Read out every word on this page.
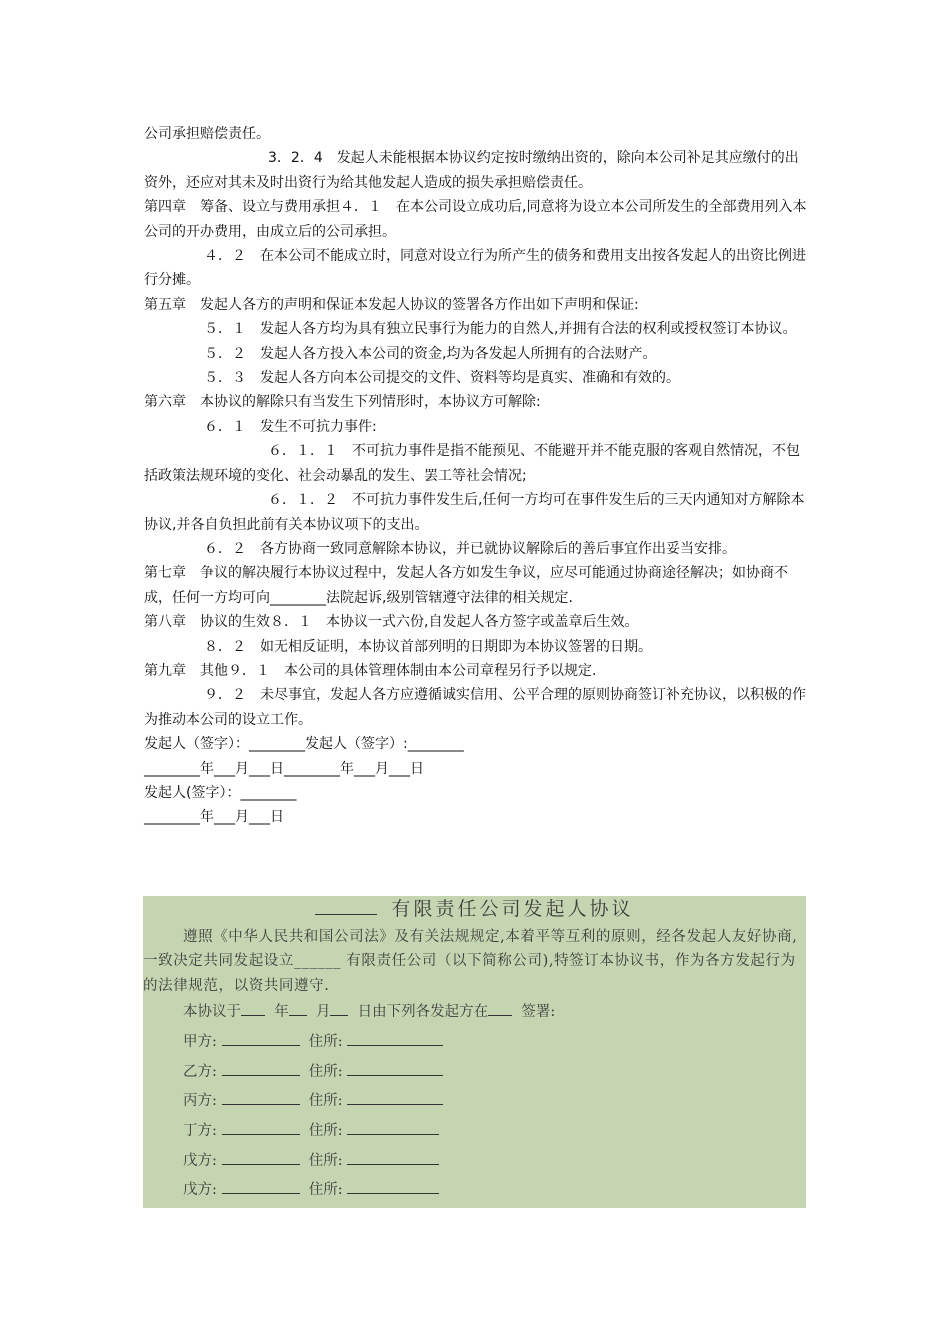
公司承担赔偿责任。

3．2．4　发起人未能根据本协议约定按时缴纳出资的，除向本公司补足其应缴付的出资外，还应对其未及时出资行为给其他发起人造成的损失承担赔偿责任。

第四章　筹备、设立与费用承担４．１　在本公司设立成功后,同意将为设立本公司所发生的全部费用列入本公司的开办费用，由成立后的公司承担。

４．２　在本公司不能成立时，同意对设立行为所产生的债务和费用支出按各发起人的出资比例进行分摊。

第五章　发起人各方的声明和保证本发起人协议的签署各方作出如下声明和保证:

５．１　发起人各方均为具有独立民事行为能力的自然人,并拥有合法的权利或授权签订本协议。

５．２　发起人各方投入本公司的资金,均为各发起人所拥有的合法财产。

５．３　发起人各方向本公司提交的文件、资料等均是真实、准确和有效的。

第六章　本协议的解除只有当发生下列情形时，本协议方可解除:

６．１　发生不可抗力事件:

６．１．１　不可抗力事件是指不能预见、不能避开并不能克服的客观自然情况，不包括政策法规环境的变化、社会动暴乱的发生、罢工等社会情况;

６．１．２　不可抗力事件发生后,任何一方均可在事件发生后的三天内通知对方解除本协议,并各自负担此前有关本协议项下的支出。

６．２　各方协商一致同意解除本协议，并已就协议解除后的善后事宜作出妥当安排。

第七章　争议的解决履行本协议过程中，发起人各方如发生争议，应尽可能通过协商途径解决；如协商不成，任何一方均可向________法院起诉,级别管辖遵守法律的相关规定.

第八章　协议的生效８．１　本协议一式六份,自发起人各方签字或盖章后生效。

８．２　如无相反证明，本协议首部列明的日期即为本协议签署的日期。

第九章　其他９．１　本公司的具体管理体制由本公司章程另行予以规定.

９．２　未尽事宜，发起人各方应遵循诚实信用、公平合理的原则协商签订补充协议，以积极的作为推动本公司的设立工作。

发起人（签字）：________发起人（签字）:________

________年___月___日________年___月___日

发起人(签字）：________

________年___月___日

有限责任公司发起人协议

遵照《中华人民共和国公司法》及有关法规规定,本着平等互利的原则，经各发起人友好协商,一致决定共同发起设立______ 有限责任公司（以下简称公司),特签订本协议书，作为各方发起行为的法律规范，以资共同遵守.

本协议于 年 月 日由下列各发起方在 签署:
甲方:	住所:
乙方:	住所:
丙方:	住所:
丁方:	住所:
戊方:	住所:
戊方:	住所:
